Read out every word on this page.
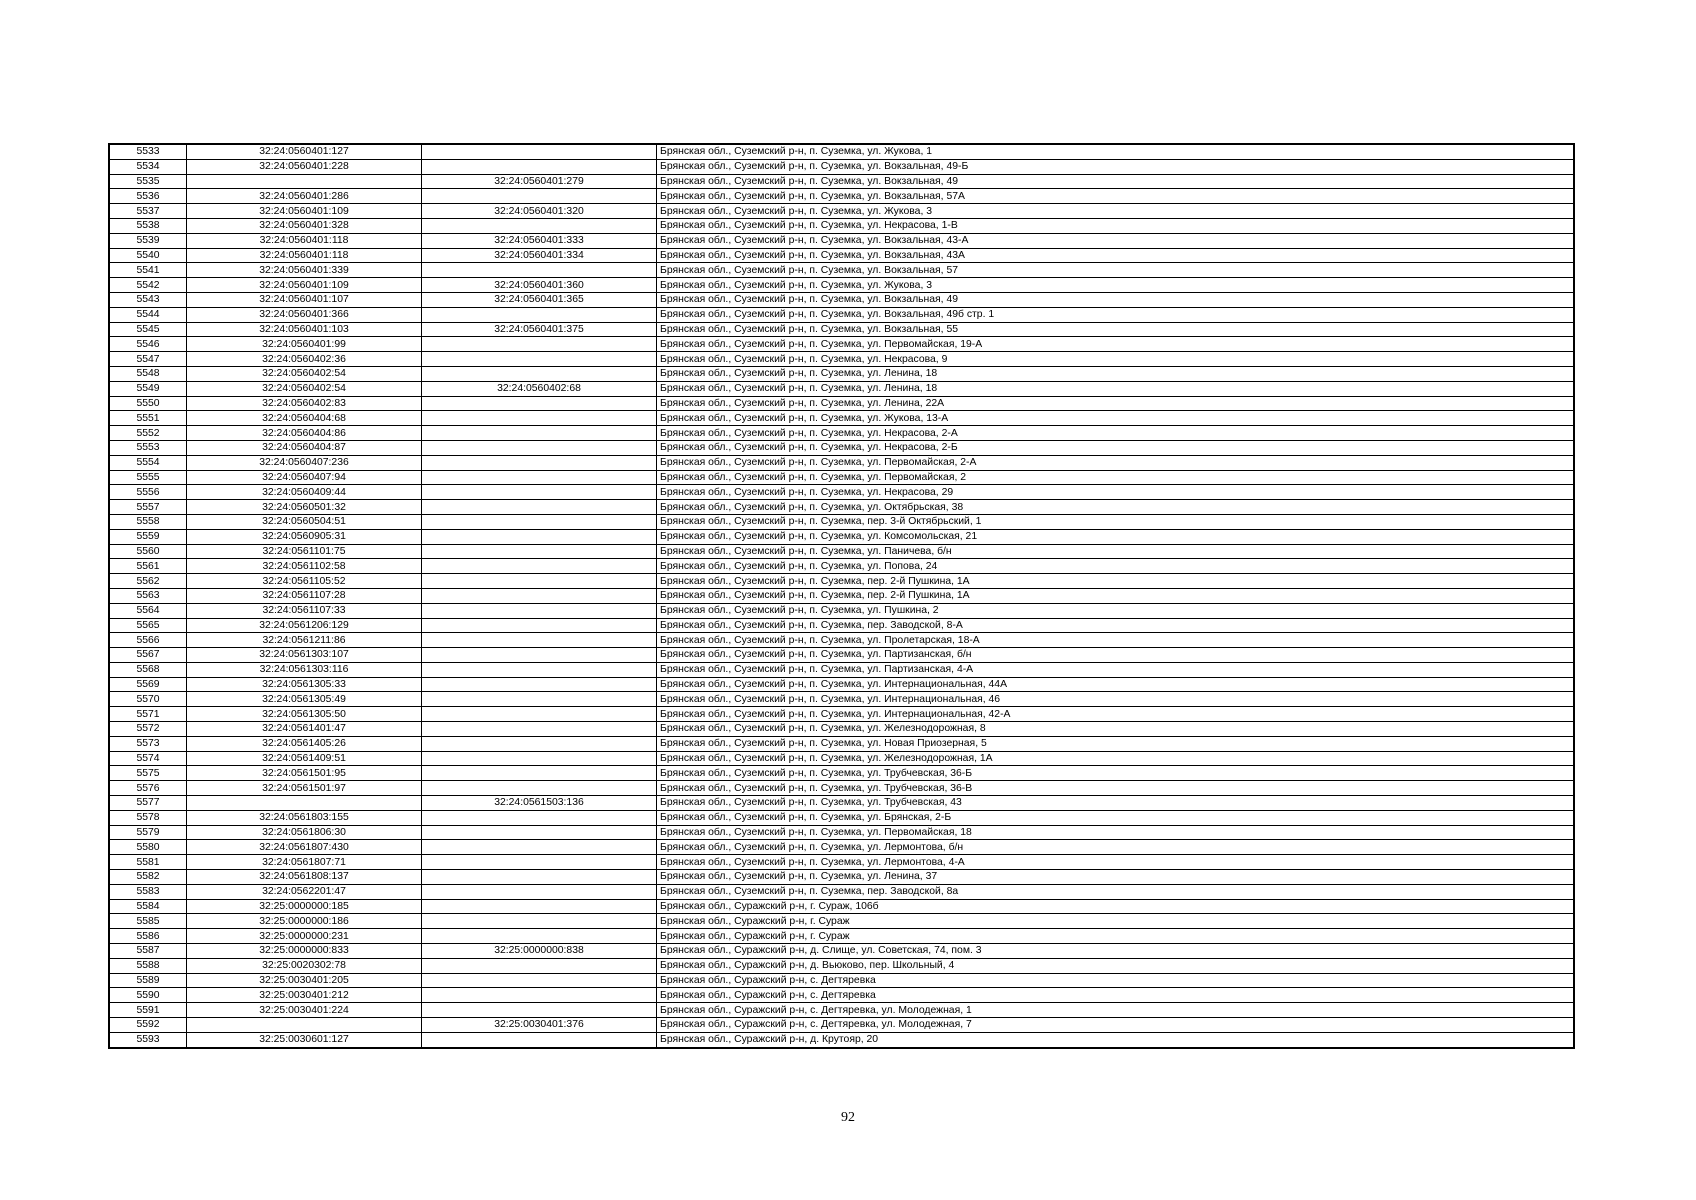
5533	32:24:0560401:127		Брянская обл., Суземский р-н, п. Суземка, ул. Жукова, 1
5534	32:24:0560401:228		Брянская обл., Суземский р-н, п. Суземка, ул. Вокзальная, 49-Б
5535		32:24:0560401:279	Брянская обл., Суземский р-н, п. Суземка, ул. Вокзальная, 49
5536	32:24:0560401:286		Брянская обл., Суземский р-н, п. Суземка, ул. Вокзальная, 57А
5537	32:24:0560401:109	32:24:0560401:320	Брянская обл., Суземский р-н, п. Суземка, ул. Жукова, 3
5538	32:24:0560401:328		Брянская обл., Суземский р-н, п. Суземка, ул. Некрасова, 1-В
5539	32:24:0560401:118	32:24:0560401:333	Брянская обл., Суземский р-н, п. Суземка, ул. Вокзальная, 43-А
5540	32:24:0560401:118	32:24:0560401:334	Брянская обл., Суземский р-н, п. Суземка, ул. Вокзальная, 43А
5541	32:24:0560401:339		Брянская обл., Суземский р-н, п. Суземка, ул. Вокзальная, 57
5542	32:24:0560401:109	32:24:0560401:360	Брянская обл., Суземский р-н, п. Суземка, ул. Жукова, 3
5543	32:24:0560401:107	32:24:0560401:365	Брянская обл., Суземский р-н, п. Суземка, ул. Вокзальная, 49
5544	32:24:0560401:366		Брянская обл., Суземский р-н, п. Суземка, ул. Вокзальная, 49б стр. 1
5545	32:24:0560401:103	32:24:0560401:375	Брянская обл., Суземский р-н, п. Суземка, ул. Вокзальная, 55
5546	32:24:0560401:99		Брянская обл., Суземский р-н, п. Суземка, ул. Первомайская, 19-А
5547	32:24:0560402:36		Брянская обл., Суземский р-н, п. Суземка, ул. Некрасова, 9
5548	32:24:0560402:54		Брянская обл., Суземский р-н, п. Суземка, ул. Ленина, 18
5549	32:24:0560402:54	32:24:0560402:68	Брянская обл., Суземский р-н, п. Суземка, ул. Ленина, 18
5550	32:24:0560402:83		Брянская обл., Суземский р-н, п. Суземка, ул. Ленина, 22А
5551	32:24:0560404:68		Брянская обл., Суземский р-н, п. Суземка, ул. Жукова, 13-А
5552	32:24:0560404:86		Брянская обл., Суземский р-н, п. Суземка, ул. Некрасова, 2-А
5553	32:24:0560404:87		Брянская обл., Суземский р-н, п. Суземка, ул. Некрасова, 2-Б
5554	32:24:0560407:236		Брянская обл., Суземский р-н, п. Суземка, ул. Первомайская, 2-А
5555	32:24:0560407:94		Брянская обл., Суземский р-н, п. Суземка, ул. Первомайская, 2
5556	32:24:0560409:44		Брянская обл., Суземский р-н, п. Суземка, ул. Некрасова, 29
5557	32:24:0560501:32		Брянская обл., Суземский р-н, п. Суземка, ул. Октябрьская, 38
5558	32:24:0560504:51		Брянская обл., Суземский р-н, п. Суземка, пер. 3-й Октябрьский, 1
5559	32:24:0560905:31		Брянская обл., Суземский р-н, п. Суземка, ул. Комсомольская, 21
5560	32:24:0561101:75		Брянская обл., Суземский р-н, п. Суземка, ул. Паничева, б/н
5561	32:24:0561102:58		Брянская обл., Суземский р-н, п. Суземка, ул. Попова, 24
5562	32:24:0561105:52		Брянская обл., Суземский р-н, п. Суземка, пер. 2-й Пушкина, 1А
5563	32:24:0561107:28		Брянская обл., Суземский р-н, п. Суземка, пер. 2-й Пушкина, 1А
5564	32:24:0561107:33		Брянская обл., Суземский р-н, п. Суземка, ул. Пушкина, 2
5565	32:24:0561206:129		Брянская обл., Суземский р-н, п. Суземка, пер. Заводской, 8-А
5566	32:24:0561211:86		Брянская обл., Суземский р-н, п. Суземка, ул. Пролетарская, 18-А
5567	32:24:0561303:107		Брянская обл., Суземский р-н, п. Суземка, ул. Партизанская, б/н
5568	32:24:0561303:116		Брянская обл., Суземский р-н, п. Суземка, ул. Партизанская, 4-А
5569	32:24:0561305:33		Брянская обл., Суземский р-н, п. Суземка, ул. Интернациональная, 44А
5570	32:24:0561305:49		Брянская обл., Суземский р-н, п. Суземка, ул. Интернациональная, 46
5571	32:24:0561305:50		Брянская обл., Суземский р-н, п. Суземка, ул. Интернациональная, 42-А
5572	32:24:0561401:47		Брянская обл., Суземский р-н, п. Суземка, ул. Железнодорожная, 8
5573	32:24:0561405:26		Брянская обл., Суземский р-н, п. Суземка, ул. Новая Приозерная, 5
5574	32:24:0561409:51		Брянская обл., Суземский р-н, п. Суземка, ул. Железнодорожная, 1А
5575	32:24:0561501:95		Брянская обл., Суземский р-н, п. Суземка, ул. Трубчевская, 36-Б
5576	32:24:0561501:97		Брянская обл., Суземский р-н, п. Суземка, ул. Трубчевская, 36-В
5577		32:24:0561503:136	Брянская обл., Суземский р-н, п. Суземка, ул. Трубчевская, 43
5578	32:24:0561803:155		Брянская обл., Суземский р-н, п. Суземка, ул. Брянская, 2-Б
5579	32:24:0561806:30		Брянская обл., Суземский р-н, п. Суземка, ул. Первомайская, 18
5580	32:24:0561807:430		Брянская обл., Суземский р-н, п. Суземка, ул. Лермонтова, б/н
5581	32:24:0561807:71		Брянская обл., Суземский р-н, п. Суземка, ул. Лермонтова, 4-А
5582	32:24:0561808:137		Брянская обл., Суземский р-н, п. Суземка, ул. Ленина, 37
5583	32:24:0562201:47		Брянская обл., Суземский р-н, п. Суземка, пер. Заводской, 8а
5584	32:25:0000000:185		Брянская обл., Суражский р-н, г. Сураж, 106б
5585	32:25:0000000:186		Брянская обл., Суражский р-н, г. Сураж
5586	32:25:0000000:231		Брянская обл., Суражский р-н, г. Сураж
5587	32:25:0000000:833	32:25:0000000:838	Брянская обл., Суражский р-н, д. Слище, ул. Советская, 74, пом. 3
5588	32:25:0020302:78		Брянская обл., Суражский р-н, д. Вьюково, пер. Школьный, 4
5589	32:25:0030401:205		Брянская обл., Суражский р-н, с. Дегтяревка
5590	32:25:0030401:212		Брянская обл., Суражский р-н, с. Дегтяревка
5591	32:25:0030401:224		Брянская обл., Суражский р-н, с. Дегтяревка, ул. Молодежная, 1
5592		32:25:0030401:376	Брянская обл., Суражский р-н, с. Дегтяревка, ул. Молодежная, 7
5593	32:25:0030601:127		Брянская обл., Суражский р-н, д. Крутояр, 20
92
